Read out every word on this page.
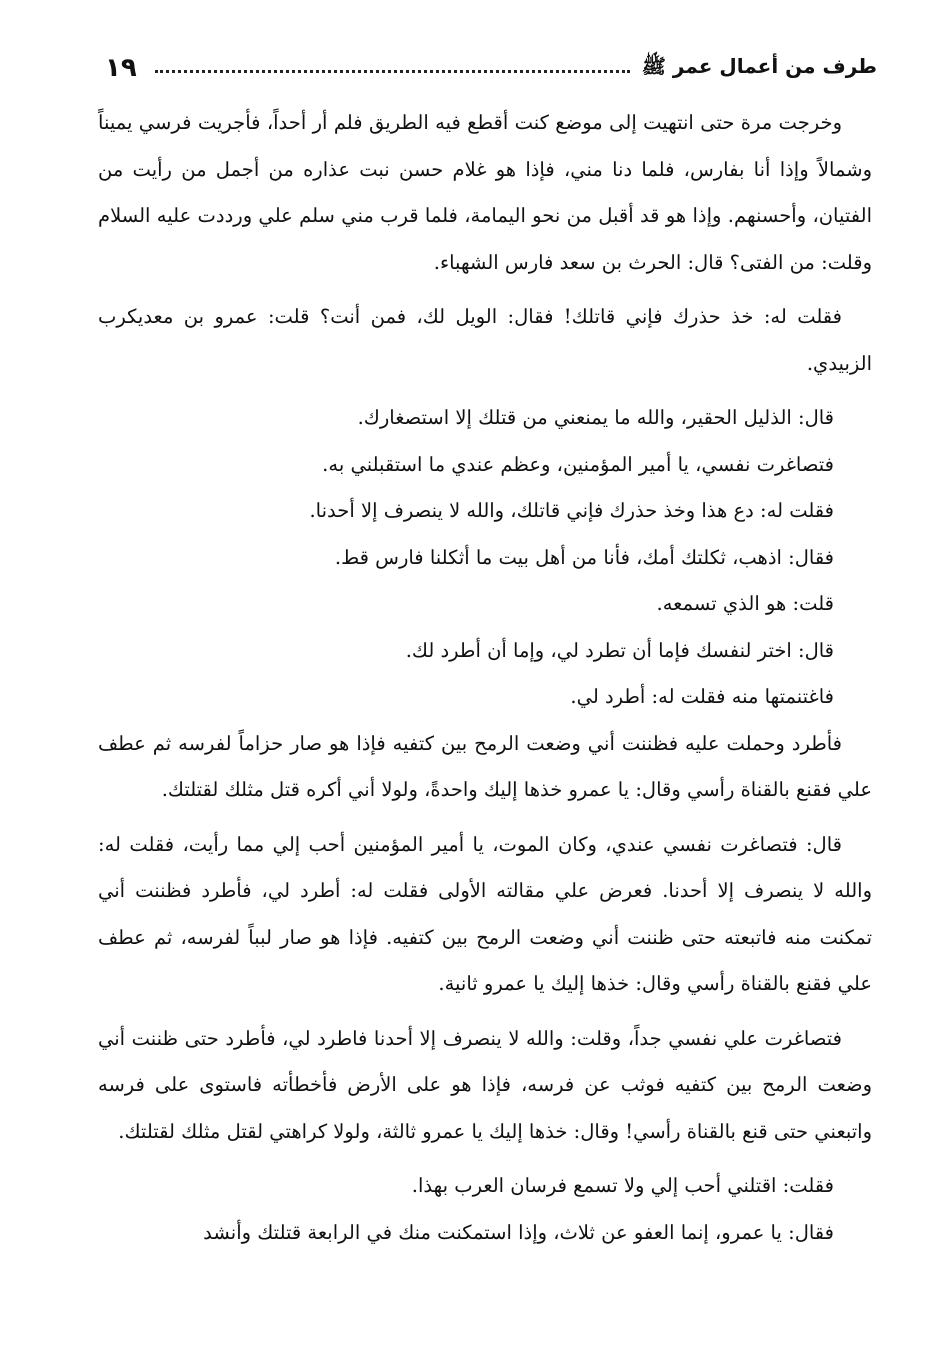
طرف من أعمال عمر ﷺ
١٩

وخرجت مرة حتى انتهيت إلى موضع كنت أقطع فيه الطريق فلم أر أحداً، فأجريت فرسي يميناً وشمالاً وإذا أنا بفارس، فلما دنا مني، فإذا هو غلام حسن نبت عذاره من أجمل من رأيت من الفتيان، وأحسنهم. وإذا هو قد أقبل من نحو اليمامة، فلما قرب مني سلم علي ورددت عليه السلام وقلت: من الفتى؟ قال: الحرث بن سعد فارس الشهباء.

فقلت له: خذ حذرك فإني قاتلك! فقال: الويل لك، فمن أنت؟ قلت: عمرو بن معديكرب الزبيدي.

قال: الذليل الحقير، والله ما يمنعني من قتلك إلا استصغارك.

فتصاغرت نفسي، يا أمير المؤمنين، وعظم عندي ما استقبلني به.

فقلت له: دع هذا وخذ حذرك فإني قاتلك، والله لا ينصرف إلا أحدنا.

فقال: اذهب، ثكلتك أمك، فأنا من أهل بيت ما أثكلنا فارس قط.

قلت: هو الذي تسمعه.

قال: اختر لنفسك فإما أن تطرد لي، وإما أن أطرد لك.

فاغتنمتها منه فقلت له: أطرد لي.

فأطرد وحملت عليه فظننت أني وضعت الرمح بين كتفيه فإذا هو صار حزاماً لفرسه ثم عطف علي فقنع بالقناة رأسي وقال: يا عمرو خذها إليك واحدةً، ولولا أني أكره قتل مثلك لقتلتك.

قال: فتصاغرت نفسي عندي، وكان الموت، يا أمير المؤمنين أحب إلي مما رأيت، فقلت له: والله لا ينصرف إلا أحدنا. فعرض علي مقالته الأولى فقلت له: أطرد لي، فأطرد فظننت أني تمكنت منه فاتبعته حتى ظننت أني وضعت الرمح بين كتفيه. فإذا هو صار لبباً لفرسه، ثم عطف علي فقنع بالقناة رأسي وقال: خذها إليك يا عمرو ثانية.

فتصاغرت علي نفسي جداً، وقلت: والله لا ينصرف إلا أحدنا فاطرد لي، فأطرد حتى ظننت أني وضعت الرمح بين كتفيه فوثب عن فرسه، فإذا هو على الأرض فأخطأته فاستوى على فرسه واتبعني حتى قنع بالقناة رأسي! وقال: خذها إليك يا عمرو ثالثة، ولولا كراهتي لقتل مثلك لقتلتك.

فقلت: اقتلني أحب إلي ولا تسمع فرسان العرب بهذا.

فقال: يا عمرو، إنما العفو عن ثلاث، وإذا استمكنت منك في الرابعة قتلتك وأنشد
